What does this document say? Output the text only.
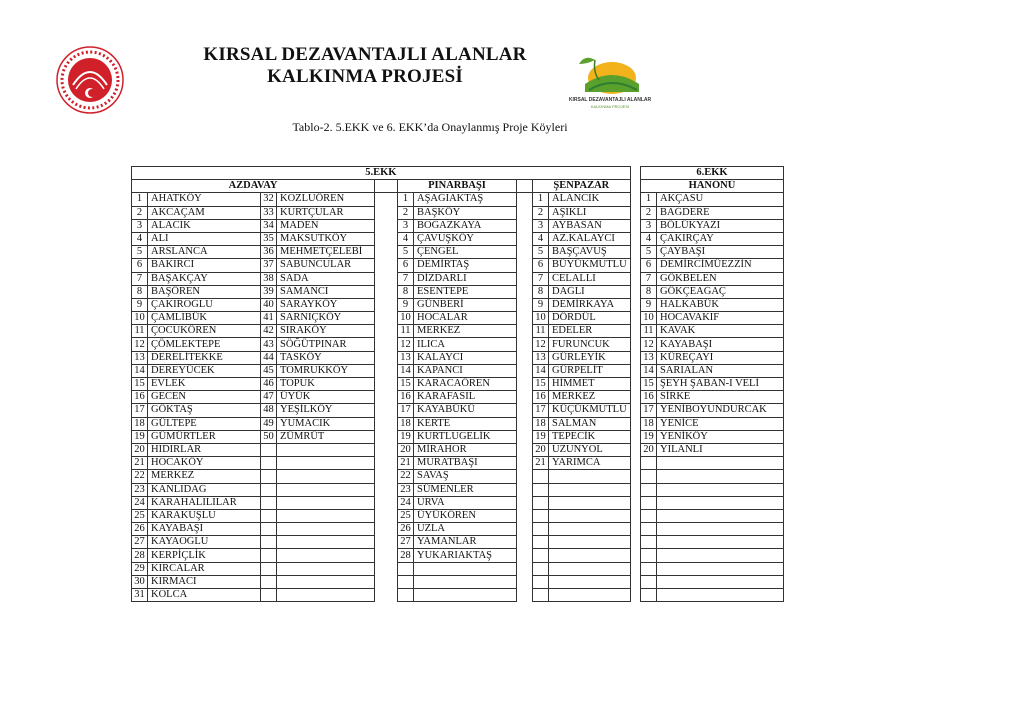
KIRSAL DEZAVANTAJLI ALANLAR
KALKINMA PROJESİ
KIRSAL DEZAVANTAJLI ALANLAR
KALKINMA PROJESİ
Tablo-2. 5.EKK ve 6. EKK’da Onaylanmış Proje Köyleri
5.EKK									
AZDAVAY					PINARBAŞI			ŞENPAZAR	
1	AHATKÖY	32	KOZLUÖREN		1	AŞAĞIAKTAŞ		1	ALANCIK
2	AKCAÇAM	33	KURTÇULAR		2	BAŞKÖY		2	AŞIKLI
3	ALACIK	34	MADEN		3	BOĞAZKAYA		3	AYBASAN
4	ALI	35	MAKSUTKÖY		4	ÇAVUŞKÖY		4	AZ.KALAYCI
5	ARSLANCA	36	MEHMETÇELEBİ		5	ÇENGEL		5	BAŞÇAVUŞ
6	BAKIRCI	37	SABUNCULAR		6	DEMİRTAŞ		6	BÜYÜKMUTLU
7	BAŞAKÇAY	38	SADA		7	DİZDARLI		7	CELALLI
8	BAŞÖREN	39	SAMANCI		8	ESENTEPE		8	DAĞLI
9	ÇAKIROĞLU	40	SARAYKÖY		9	GÜNBERİ		9	DEMİRKAYA
10	ÇAMLIBÜK	41	SARNIÇKÖY		10	HOCALAR		10	DÖRDÜL
11	ÇOCUKÖREN	42	SIRAKÖY		11	MERKEZ		11	EDELER
12	ÇÖMLEKTEPE	43	SÖĞÜTPINAR		12	ILICA		12	FURUNCUK
13	DERELİTEKKE	44	TASKÖY		13	KALAYCI		13	GÜRLEYİK
14	DEREYÜCEK	45	TOMRUKKÖY		14	KAPANCI		14	GÜRPELİT
15	EVLEK	46	TOPUK		15	KARACAÖREN		15	HİMMET
16	GECEN	47	ÜYÜK		16	KARAFASIL		16	MERKEZ
17	GÖKTAŞ	48	YEŞİLKÖY		17	KAYABÜKÜ		17	KÜÇÜKMUTLU
18	GÜLTEPE	49	YUMACIK		18	KERTE		18	SALMAN
19	GÜMÜRTLER	50	ZÜMRÜT		19	KURTLUGELİK		19	TEPECİK
20	HIDIRLAR				20	MİRAHOR		20	UZUNYOL
21	HOCAKÖY				21	MURATBAŞI		21	YARIMCA
22	MERKEZ				22	SAVAŞ			
23	KANLIDAĞ				23	SÜMENLER			
24	KARAHALILILAR				24	URVA			
25	KARAKUŞLU				25	ÜYÜKÖREN			
26	KAYABAŞI				26	UZLA			
27	KAYAOĞLU				27	YAMANLAR			
28	KERPİÇLİK				28	YUKARIAKTAŞ			
29	KIRCALAR								
30	KIRMACI								
31	KOLCA								
6.EKK	
HANÖNÜ	
1	AKÇASU
2	BAĞDERE
3	BÖLÜKYAZI
4	ÇAKIRÇAY
5	ÇAYBAŞI
6	DEMİRCİMÜEZZİN
7	GÖKBELEN
8	GÖKÇEAĞAÇ
9	HALKABÜK
10	HOCAVAKIF
11	KAVAK
12	KAYABAŞI
13	KÜREÇAYI
14	SARIALAN
15	ŞEYH ŞABAN-I VELİ
16	SİRKE
17	YENİBOYUNDURCAK
18	YENİCE
19	YENİKÖY
20	YILANLI
